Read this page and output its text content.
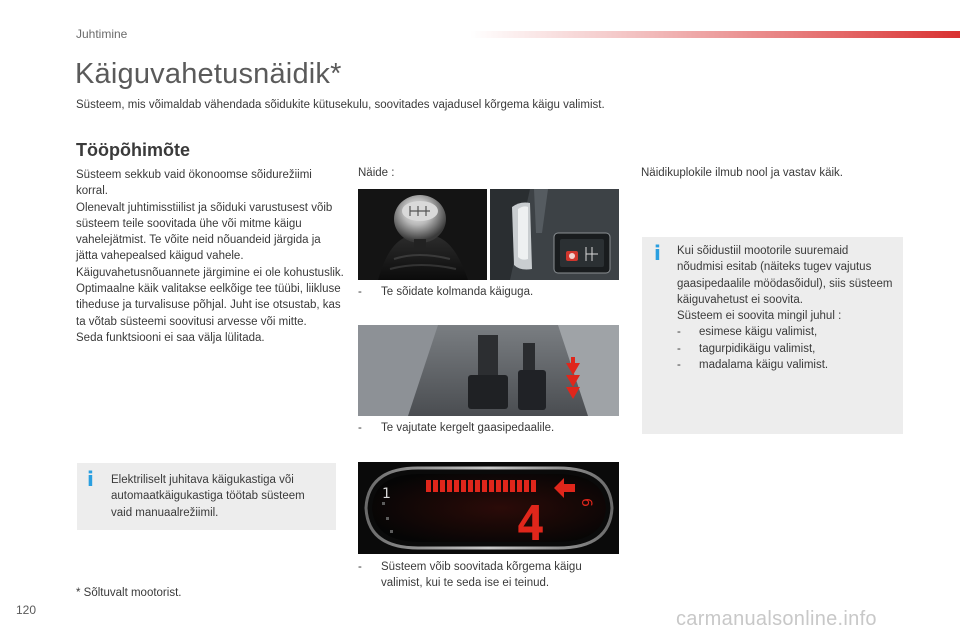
Juhtimine
Käiguvahetusnäidik*
Süsteem, mis võimaldab vähendada sõidukite kütusekulu, soovitades vajadusel kõrgema käigu valimist.
Tööpõhimõte

Süsteem sekkub vaid ökonoomse sõidurežiimi korral.

Olenevalt juhtimisstiilist ja sõiduki varustusest võib süsteem teile soovitada ühe või mitme käigu vahelejätmist. Te võite neid nõuandeid järgida ja jätta vahepealsed käigud vahele.

Käiguvahetusnõuannete järgimine ei ole kohustuslik. Optimaalne käik valitakse eelkõige tee tüübi, liikluse tiheduse ja turvalisuse põhjal. Juht ise otsustab, kas ta võtab süsteemi soovitusi arvesse või mitte.

Seda funktsiooni ei saa välja lülitada.

i Elektriliselt juhitava käigukastiga või automaatkäigukastiga töötab süsteem vaid manuaalrežiimil.
* Sõltuvalt mootorist.
120
Näide :
- Te sõidate kolmanda käiguga.
- Te vajutate kergelt gaasipedaalile.
1
6
4
- Süsteem võib soovitada kõrgema käigu valimist, kui te seda ise ei teinud.
Näidikuplokile ilmub nool ja vastav käik.
i Kui sõidustiil mootorile suuremaid nõudmisi esitab (näiteks tugev vajutus gaasipedaalile möödasõidul), siis süsteem käiguvahetust ei soovita.

Süsteem ei soovita mingil juhul :

- esimese käigu valimist,
- tagurpidikäigu valimist,
- madalama käigu valimist.
carmanualsonline.info
